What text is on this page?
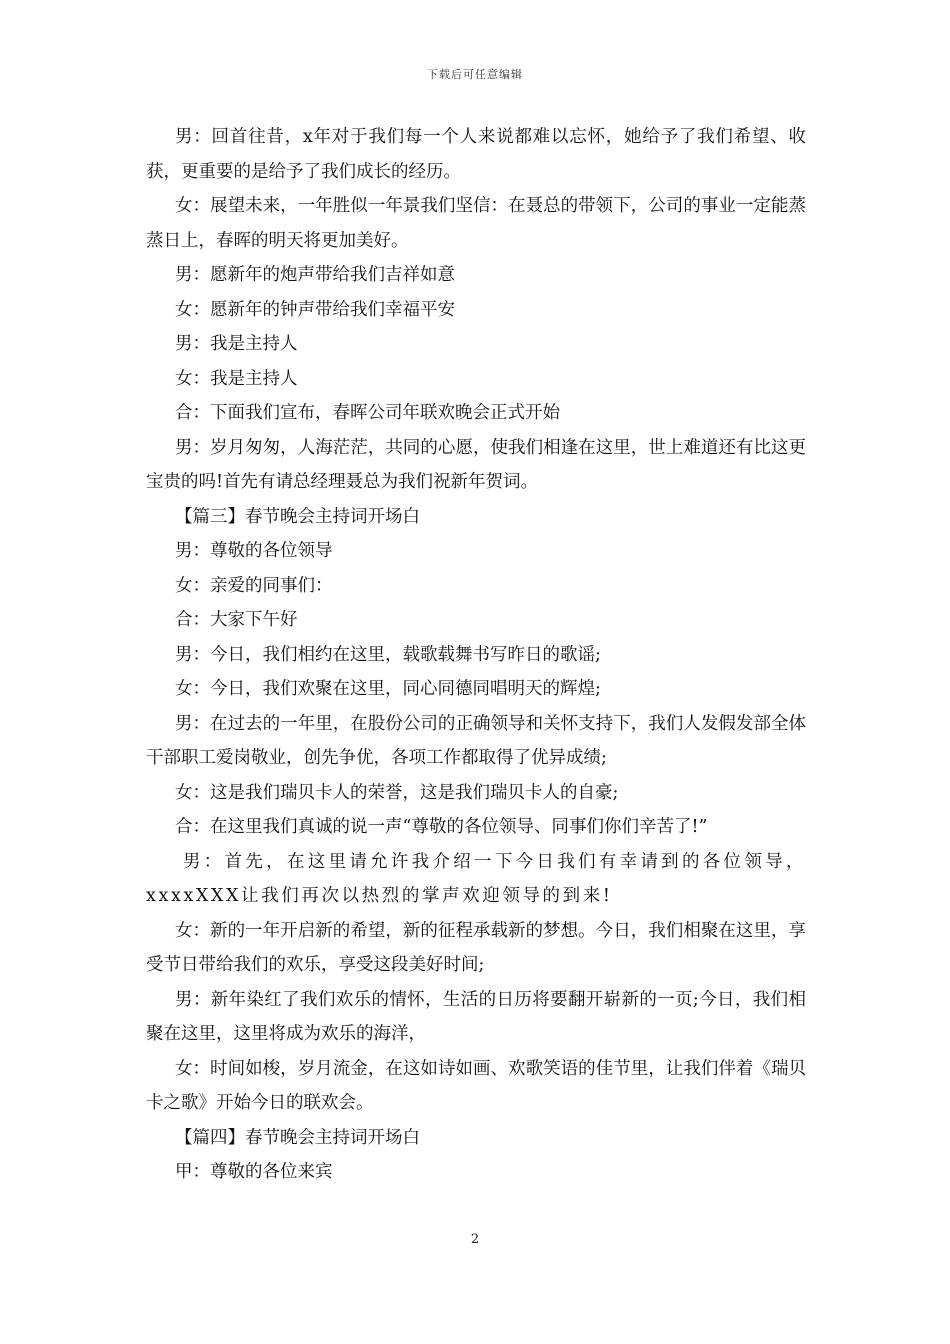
下载后可任意编辑

男：回首往昔，x年对于我们每一个人来说都难以忘怀，她给予了我们希望、收获，更重要的是给予了我们成长的经历。

女：展望未来，一年胜似一年景我们坚信：在聂总的带领下，公司的事业一定能蒸蒸日上，春晖的明天将更加美好。

男：愿新年的炮声带给我们吉祥如意

女：愿新年的钟声带给我们幸福平安

男：我是主持人

女：我是主持人

合：下面我们宣布，春晖公司年联欢晚会正式开始

男：岁月匆匆，人海茫茫，共同的心愿，使我们相逢在这里，世上难道还有比这更宝贵的吗!首先有请总经理聂总为我们祝新年贺词。

【篇三】春节晚会主持词开场白

男：尊敬的各位领导

女：亲爱的同事们：

合：大家下午好

男：今日，我们相约在这里，载歌载舞书写昨日的歌谣;

女：今日，我们欢聚在这里，同心同德同唱明天的辉煌;

男：在过去的一年里，在股份公司的正确领导和关怀支持下，我们人发假发部全体干部职工爱岗敬业，创先争优，各项工作都取得了优异成绩;

女：这是我们瑞贝卡人的荣誉，这是我们瑞贝卡人的自豪;

合：在这里我们真诚的说一声“尊敬的各位领导、同事们你们辛苦了!”

男：首先，在这里请允许我介绍一下今日我们有幸请到的各位领导，xxxxXXX让我们再次以热烈的掌声欢迎领导的到来!

女：新的一年开启新的希望，新的征程承载新的梦想。今日，我们相聚在这里，享受节日带给我们的欢乐，享受这段美好时间;

男：新年染红了我们欢乐的情怀，生活的日历将要翻开崭新的一页;今日，我们相聚在这里，这里将成为欢乐的海洋，

女：时间如梭，岁月流金，在这如诗如画、欢歌笑语的佳节里，让我们伴着《瑞贝卡之歌》开始今日的联欢会。

【篇四】春节晚会主持词开场白

甲：尊敬的各位来宾

2
